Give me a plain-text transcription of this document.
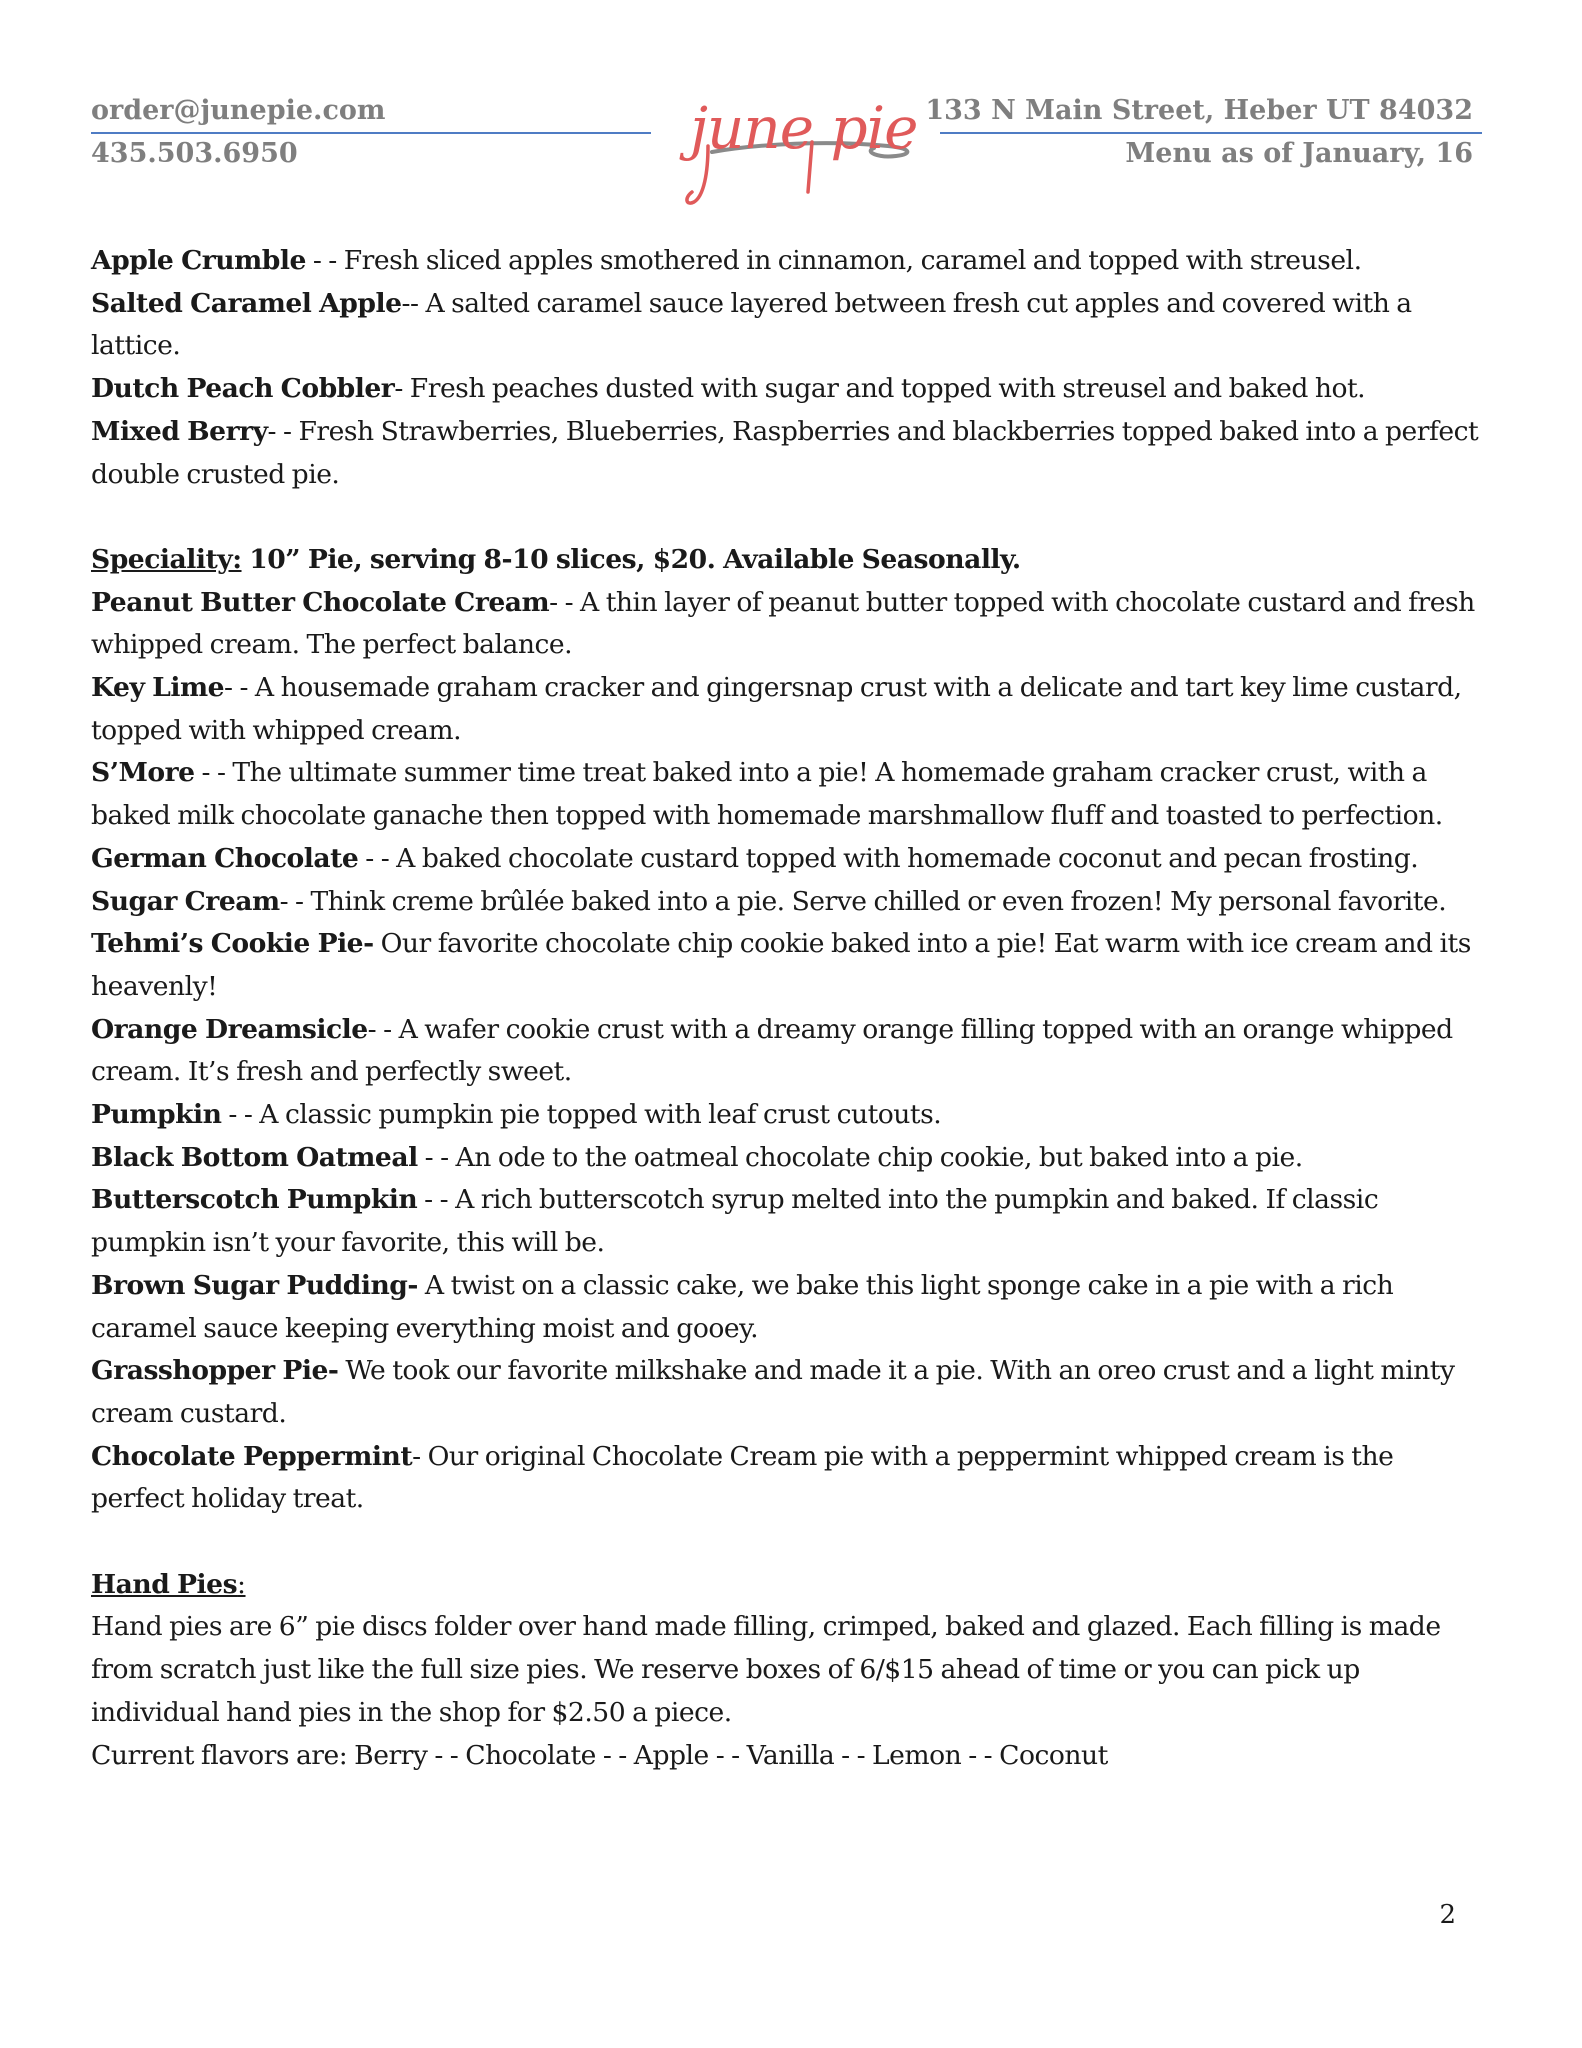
order@junepie.com
435.503.6950	june pie 133 N Main Street, Heber UT 84032
Menu as of January, 16

Apple Crumble - - Fresh sliced apples smothered in cinnamon, caramel and topped with streusel.

Salted Caramel Apple-- A salted caramel sauce layered between fresh cut apples and covered with a lattice.

Dutch Peach Cobbler- Fresh peaches dusted with sugar and topped with streusel and baked hot.

Mixed Berry- - Fresh Strawberries, Blueberries, Raspberries and blackberries topped baked into a perfect double crusted pie.

Speciality: 10” Pie, serving 8-10 slices, $20. Available Seasonally.

Peanut Butter Chocolate Cream- - A thin layer of peanut butter topped with chocolate custard and fresh whipped cream. The perfect balance.

Key Lime- - A housemade graham cracker and gingersnap crust with a delicate and tart key lime custard, topped with whipped cream.

S’More - - The ultimate summer time treat baked into a pie! A homemade graham cracker crust, with a baked milk chocolate ganache then topped with homemade marshmallow fluff and toasted to perfection.

German Chocolate - - A baked chocolate custard topped with homemade coconut and pecan frosting.

Sugar Cream- - Think creme brûlée baked into a pie. Serve chilled or even frozen! My personal favorite.

Tehmi’s Cookie Pie- Our favorite chocolate chip cookie baked into a pie! Eat warm with ice cream and its heavenly!

Orange Dreamsicle- - A wafer cookie crust with a dreamy orange filling topped with an orange whipped cream. It’s fresh and perfectly sweet.

Pumpkin - - A classic pumpkin pie topped with leaf crust cutouts.

Black Bottom Oatmeal - - An ode to the oatmeal chocolate chip cookie, but baked into a pie.

Butterscotch Pumpkin - - A rich butterscotch syrup melted into the pumpkin and baked. If classic pumpkin isn’t your favorite, this will be.

Brown Sugar Pudding- A twist on a classic cake, we bake this light sponge cake in a pie with a rich caramel sauce keeping everything moist and gooey.

Grasshopper Pie- We took our favorite milkshake and made it a pie. With an oreo crust and a light minty cream custard.

Chocolate Peppermint- Our original Chocolate Cream pie with a peppermint whipped cream is the perfect holiday treat.

Hand Pies:

Hand pies are 6” pie discs folder over hand made filling, crimped, baked and glazed. Each filling is made from scratch just like the full size pies. We reserve boxes of 6/$15 ahead of time or you can pick up individual hand pies in the shop for $2.50 a piece.

Current flavors are: Berry - - Chocolate - - Apple - - Vanilla - - Lemon - - Coconut

2
